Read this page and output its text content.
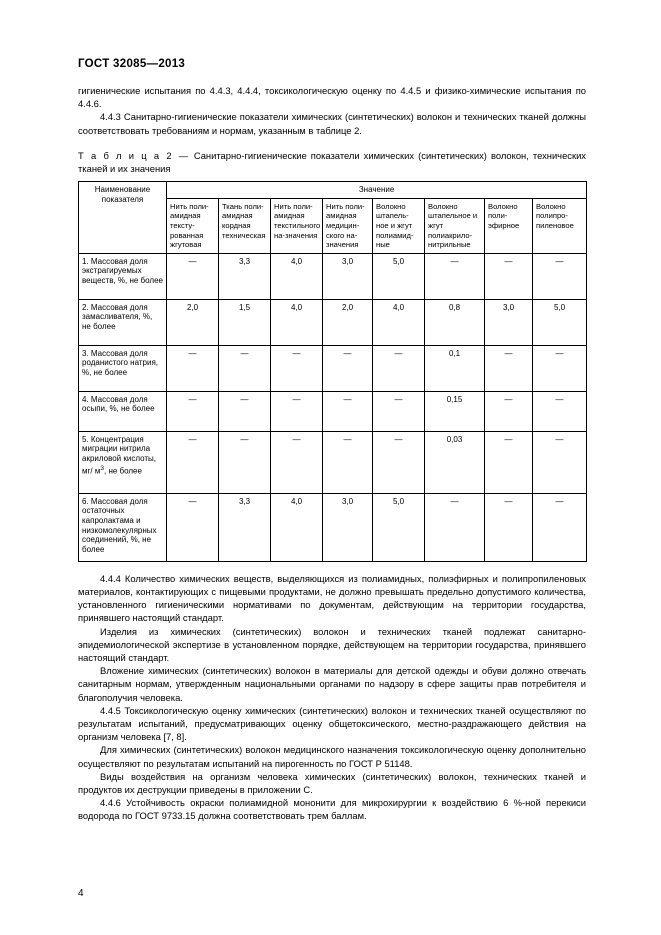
ГОСТ 32085—2013

гигиенические испытания по 4.4.3, 4.4.4, токсикологическую оценку по 4.4.5 и физико-химические испытания по 4.4.6.

4.4.3 Санитарно-гигиенические показатели химических (синтетических) волокон и технических тканей должны соответствовать требованиям и нормам, указанным в таблице 2.

Т а б л и ц а 2 — Санитарно-гигиенические показатели химических (синтетических) волокон, технических тканей и их значения
Наименование показателя	Значение							
	Нить поли-амидная тексту-рованная жгутовая	Ткань поли-амидная кордная техническая	Нить поли-амидная текстильного на-значения	Нить поли-амидная медицин-ского на-значения	Волокно штапель-ное и жгут полиамид-ные	Волокно штапельное и жгут полиакрило-нитрильные	Волокно поли-эфирное	Волокно полипро-пиленовое
1. Массовая доля экстрагируемых веществ, %, не более	—	3,3	4,0	3,0	5,0	—	—	—
2. Массовая доля замасливателя, %, не более	2,0	1,5	4,0	2,0	4,0	0,8	3,0	5,0
3. Массовая доля роданистого натрия, %, не более	—	—	—	—	—	0,1	—	—
4. Массовая доля осыпи, %, не более	—	—	—	—	—	0,15	—	—
5. Концентрация миграции нитрила акриловой кислоты, мг/ $м^3$, не более	—	—	—	—	—	0,03	—	—
6. Массовая доля остаточных капролактама и низкомолекулярных соединений, %, не более	—	3,3	4,0	3,0	5,0	—	—	—

4.4.4 Количество химических веществ, выделяющихся из полиамидных, полиэфирных и полипропиленовых материалов, контактирующих с пищевыми продуктами, не должно превышать предельно допустимого количества, установленного гигиеническими нормативами по документам, действующим на территории государства, принявшего настоящий стандарт.

Изделия из химических (синтетических) волокон и технических тканей подлежат санитарно-эпидемиологической экспертизе в установленном порядке, действующем на территории государства, принявшего настоящий стандарт.

Вложение химических (синтетических) волокон в материалы для детской одежды и обуви должно отвечать санитарным нормам, утвержденным национальными органами по надзору в сфере защиты прав потребителя и благополучия человека.

4.4.5 Токсикологическую оценку химических (синтетических) волокон и технических тканей осуществляют по результатам испытаний, предусматривающих оценку общетоксического, местно-раздражающего действия на организм человека [7, 8].

Для химических (синтетических) волокон медицинского назначения токсикологическую оценку дополнительно осуществляют по результатам испытаний на пирогенность по ГОСТ Р 51148.

Виды воздействия на организм человека химических (синтетических) волокон, технических тканей и продуктов их деструкции приведены в приложении С.

4.4.6 Устойчивость окраски полиамидной мононити для микрохирургии к воздействию 6 %-ной перекиси водорода по ГОСТ 9733.15 должна соответствовать трем баллам.

4
